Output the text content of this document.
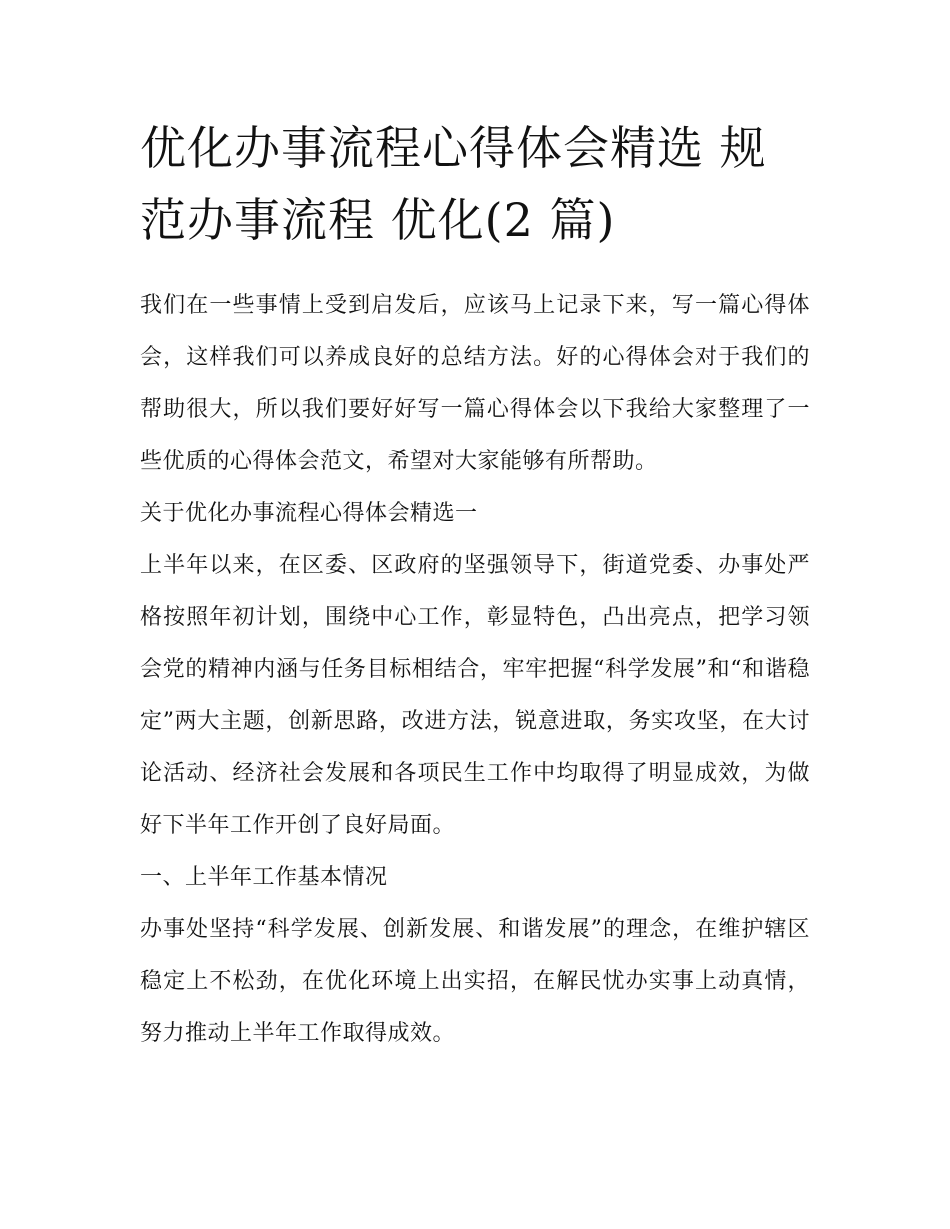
优化办事流程心得体会精选 规范办事流程 优化(2 篇)

我们在一些事情上受到启发后，应该马上记录下来，写一篇心得体会，这样我们可以养成良好的总结方法。好的心得体会对于我们的帮助很大，所以我们要好好写一篇心得体会以下我给大家整理了一些优质的心得体会范文，希望对大家能够有所帮助。

关于优化办事流程心得体会精选一

上半年以来，在区委、区政府的坚强领导下，街道党委、办事处严格按照年初计划，围绕中心工作，彰显特色，凸出亮点，把学习领会党的精神内涵与任务目标相结合，牢牢把握“科学发展”和“和谐稳定”两大主题，创新思路，改进方法，锐意进取，务实攻坚，在大讨论活动、经济社会发展和各项民生工作中均取得了明显成效，为做好下半年工作开创了良好局面。

一、上半年工作基本情况

办事处坚持“科学发展、创新发展、和谐发展”的理念，在维护辖区稳定上不松劲，在优化环境上出实招，在解民忧办实事上动真情，努力推动上半年工作取得成效。
